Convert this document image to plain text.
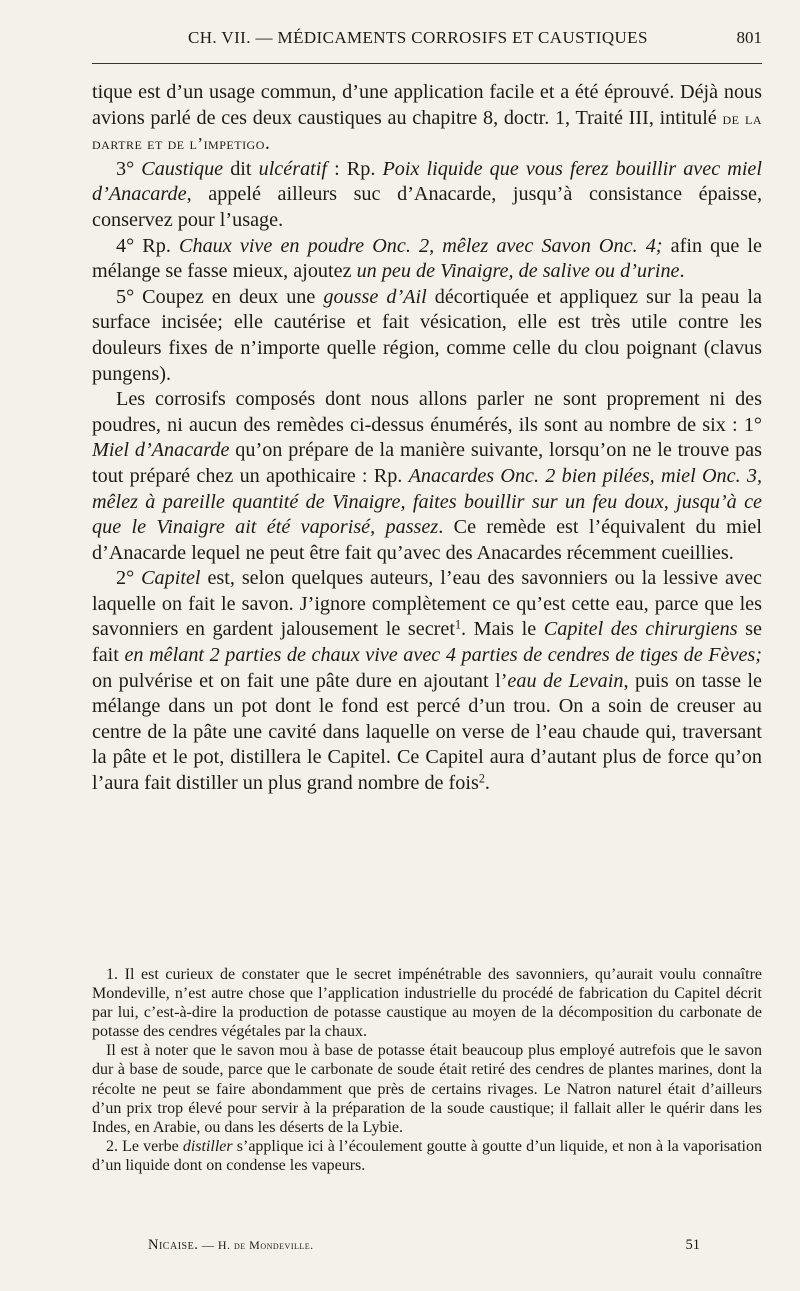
CH. VII. — MÉDICAMENTS CORROSIFS ET CAUSTIQUES	801

tique est d’un usage commun, d’une application facile et a été éprouvé. Déjà nous avions parlé de ces deux caustiques au chapitre 8, doctr. 1, Traité III, intitulé de la dartre et de l’impetigo.

3° Caustique dit ulcératif : Rp. Poix liquide que vous ferez bouillir avec miel d’Anacarde, appelé ailleurs suc d’Anacarde, jusqu’à consistance épaisse, conservez pour l’usage.

4° Rp. Chaux vive en poudre Onc. 2, mêlez avec Savon Onc. 4; afin que le mélange se fasse mieux, ajoutez un peu de Vinaigre, de salive ou d’urine.

5° Coupez en deux une gousse d’Ail décortiquée et appliquez sur la peau la surface incisée; elle cautérise et fait vésication, elle est très utile contre les douleurs fixes de n’importe quelle région, comme celle du clou poignant (clavus pungens).

Les corrosifs composés dont nous allons parler ne sont proprement ni des poudres, ni aucun des remèdes ci-dessus énumérés, ils sont au nombre de six : 1° Miel d’Anacarde qu’on prépare de la manière suivante, lorsqu’on ne le trouve pas tout préparé chez un apothicaire : Rp. Anacardes Onc. 2 bien pilées, miel Onc. 3, mêlez à pareille quantité de Vinaigre, faites bouillir sur un feu doux, jusqu’à ce que le Vinaigre ait été vaporisé, passez. Ce remède est l’équivalent du miel d’Anacarde lequel ne peut être fait qu’avec des Anacardes récemment cueillies.

2° Capitel est, selon quelques auteurs, l’eau des savonniers ou la lessive avec laquelle on fait le savon. J’ignore complètement ce qu’est cette eau, parce que les savonniers en gardent jalousement le secret$^1$. Mais le Capitel des chirurgiens se fait en mêlant 2 parties de chaux vive avec 4 parties de cendres de tiges de Fèves; on pulvérise et on fait une pâte dure en ajoutant l’eau de Levain, puis on tasse le mélange dans un pot dont le fond est percé d’un trou. On a soin de creuser au centre de la pâte une cavité dans laquelle on verse de l’eau chaude qui, traversant la pâte et le pot, distillera le Capitel. Ce Capitel aura d’autant plus de force qu’on l’aura fait distiller un plus grand nombre de fois$^2$.

1. Il est curieux de constater que le secret impénétrable des savonniers, qu’aurait voulu connaître Mondeville, n’est autre chose que l’application industrielle du procédé de fabrication du Capitel décrit par lui, c’est-à-dire la production de potasse caustique au moyen de la décomposition du carbonate de potasse des cendres végétales par la chaux.

Il est à noter que le savon mou à base de potasse était beaucoup plus employé autrefois que le savon dur à base de soude, parce que le carbonate de soude était retiré des cendres de plantes marines, dont la récolte ne peut se faire abondamment que près de certains rivages. Le Natron naturel était d’ailleurs d’un prix trop élevé pour servir à la préparation de la soude caustique; il fallait aller le quérir dans les Indes, en Arabie, ou dans les déserts de la Lybie.

2. Le verbe distiller s’applique ici à l’écoulement goutte à goutte d’un liquide, et non à la vaporisation d’un liquide dont on condense les vapeurs.

Nicaise. — H. de Mondeville.	51
